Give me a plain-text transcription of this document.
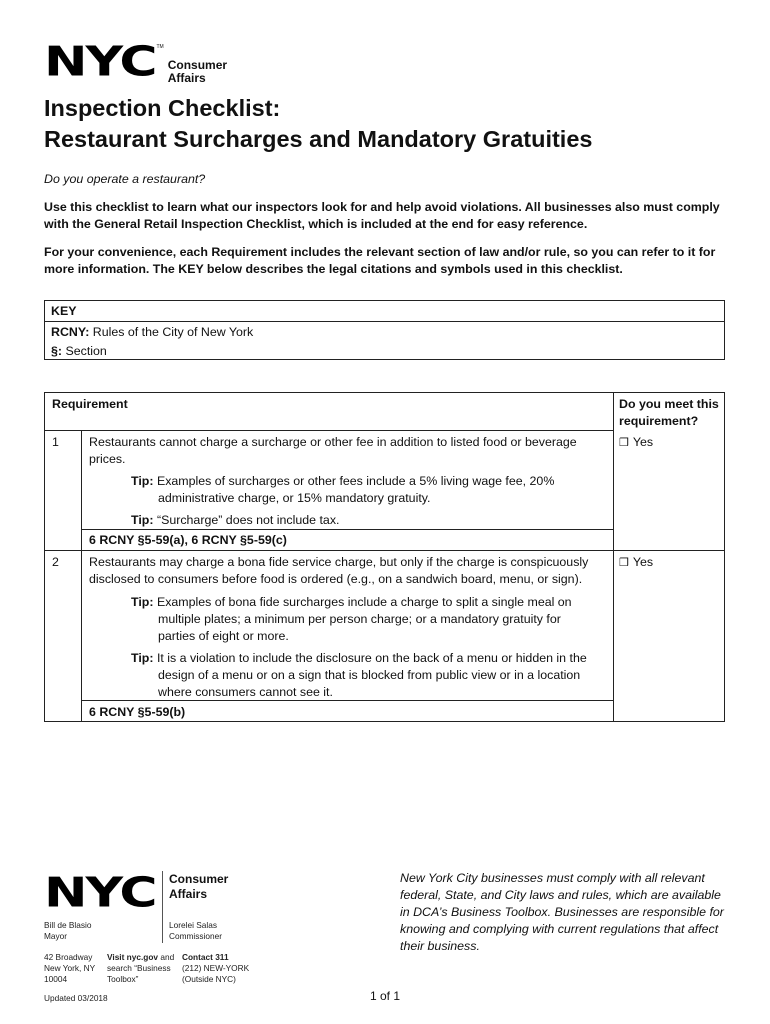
NYC TM
Consumer
Affairs
Inspection Checklist:
Restaurant Surcharges and Mandatory Gratuities
Do you operate a restaurant?
Use this checklist to learn what our inspectors look for and help avoid violations. All businesses also must comply with the General Retail Inspection Checklist, which is included at the end for easy reference.
For your convenience, each Requirement includes the relevant section of law and/or rule, so you can refer to it for more information. The KEY below describes the legal citations and symbols used in this checklist.
KEY
RCNY: Rules of the City of New York
§: Section
Requirement	Do you meet this
requirement?
1 Restaurants cannot charge a surcharge or other fee in addition to listed food or beverage prices.
Tip: Examples of surcharges or other fees include a 5% living wage fee, 20% administrative charge, or 15% mandatory gratuity.
Tip: “Surcharge” does not include tax.
6 RCNY §5-59(a), 6 RCNY §5-59(c)
❒ Yes
2 Restaurants may charge a bona fide service charge, but only if the charge is conspicuously disclosed to consumers before food is ordered (e.g., on a sandwich board, menu, or sign).
Tip: Examples of bona fide surcharges include a charge to split a single meal on multiple plates; a minimum per person charge; or a mandatory gratuity for parties of eight or more.
Tip: It is a violation to include the disclosure on the back of a menu or hidden in the design of a menu or on a sign that is blocked from public view or in a location where consumers cannot see it.
6 RCNY §5-59(b)
❒ Yes
NYC Consumer
Affairs
Bill de Blasio
Mayor
Lorelei Salas
Commissioner
42 Broadway
New York, NY
10004
Visit nyc.gov and
search “Business
Toolbox”
Contact 311
(212) NEW-YORK
(Outside NYC)
Updated 03/2018
New York City businesses must comply with all relevant federal, State, and City laws and rules, which are available in DCA’s Business Toolbox. Businesses are responsible for knowing and complying with current regulations that affect their business.
1 of 1
